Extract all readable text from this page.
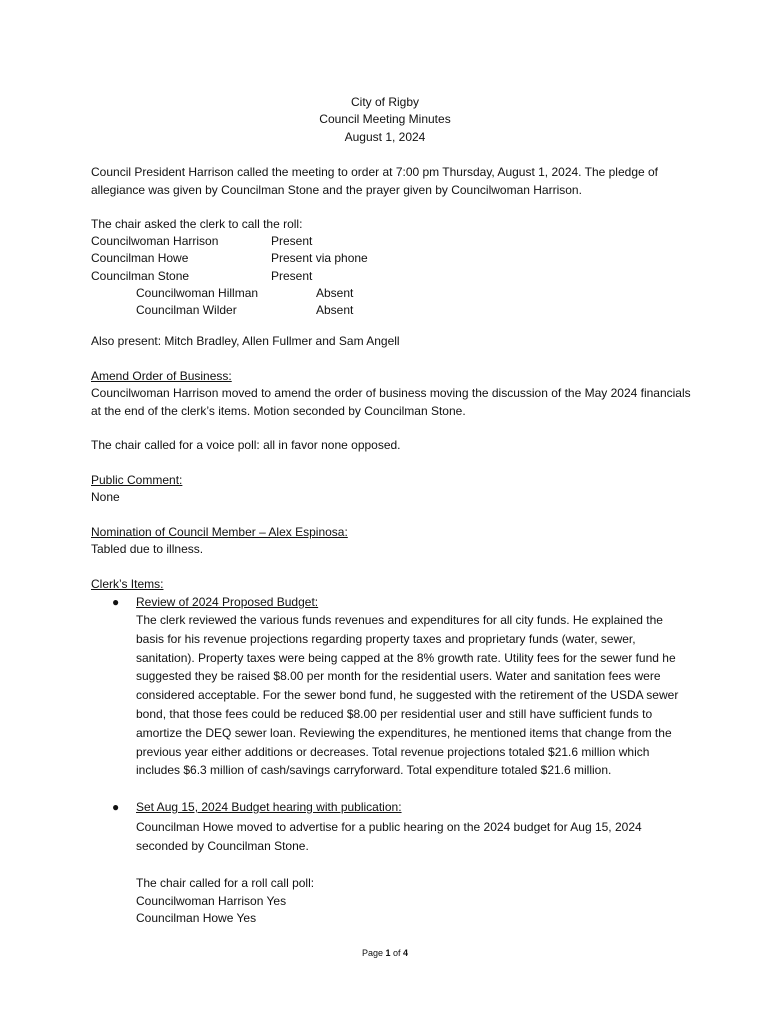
City of Rigby
Council Meeting Minutes
August 1, 2024
Council President Harrison called the meeting to order at 7:00 pm Thursday, August 1, 2024. The pledge of allegiance was given by Councilman Stone and the prayer given by Councilwoman Harrison.
The chair asked the clerk to call the roll:
Councilwoman Harrison	Present
Councilman Howe	Present via phone
Councilman Stone	Present
Councilwoman Hillman	Absent
Councilman Wilder	Absent
Also present: Mitch Bradley, Allen Fullmer and Sam Angell
Amend Order of Business:
Councilwoman Harrison moved to amend the order of business moving the discussion of the May 2024 financials at the end of the clerk’s items. Motion seconded by Councilman Stone.
The chair called for a voice poll: all in favor none opposed.
Public Comment:
None
Nomination of Council Member – Alex Espinosa:
Tabled due to illness.
Clerk’s Items:
● Review of 2024 Proposed Budget:
The clerk reviewed the various funds revenues and expenditures for all city funds. He explained the basis for his revenue projections regarding property taxes and proprietary funds (water, sewer, sanitation). Property taxes were being capped at the 8% growth rate. Utility fees for the sewer fund he suggested they be raised $8.00 per month for the residential users. Water and sanitation fees were considered acceptable. For the sewer bond fund, he suggested with the retirement of the USDA sewer bond, that those fees could be reduced $8.00 per residential user and still have sufficient funds to amortize the DEQ sewer loan. Reviewing the expenditures, he mentioned items that change from the previous year either additions or decreases. Total revenue projections totaled $21.6 million which includes $6.3 million of cash/savings carryforward. Total expenditure totaled $21.6 million.
● Set Aug 15, 2024 Budget hearing with publication:
Councilman Howe moved to advertise for a public hearing on the 2024 budget for Aug 15, 2024 seconded by Councilman Stone.
The chair called for a roll call poll:
Councilwoman Harrison Yes
Councilman Howe Yes
Page 1 of 4
